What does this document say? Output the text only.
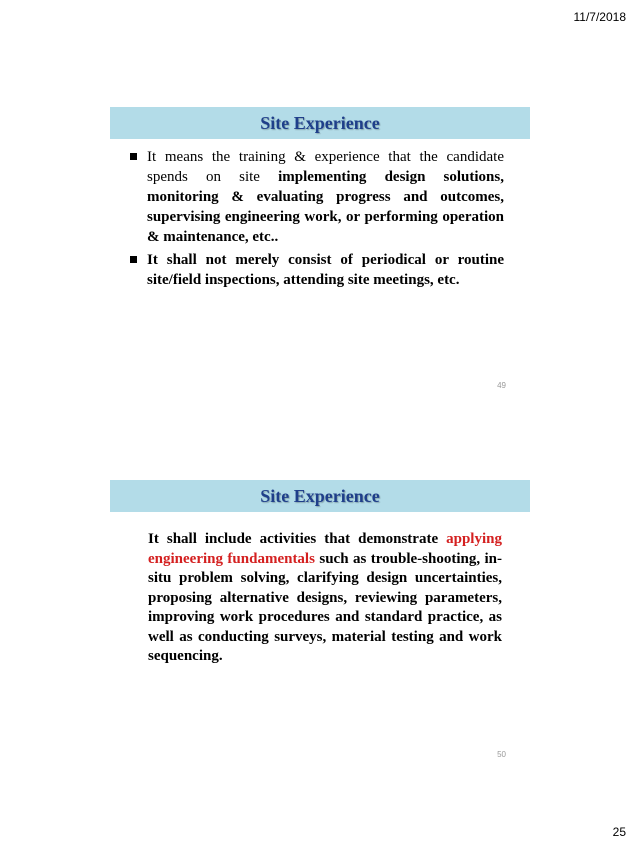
11/7/2018
Site Experience
It means the training & experience that the candidate spends on site implementing design solutions, monitoring & evaluating progress and outcomes, supervising engineering work, or performing operation & maintenance, etc..
It shall not merely consist of periodical or routine site/field inspections, attending site meetings, etc.
49
Site Experience

It shall include activities that demonstrate applying engineering fundamentals such as trouble-shooting, in-situ problem solving, clarifying design uncertainties, proposing alternative designs, reviewing parameters, improving work procedures and standard practice, as well as conducting surveys, material testing and work sequencing.

50
25
